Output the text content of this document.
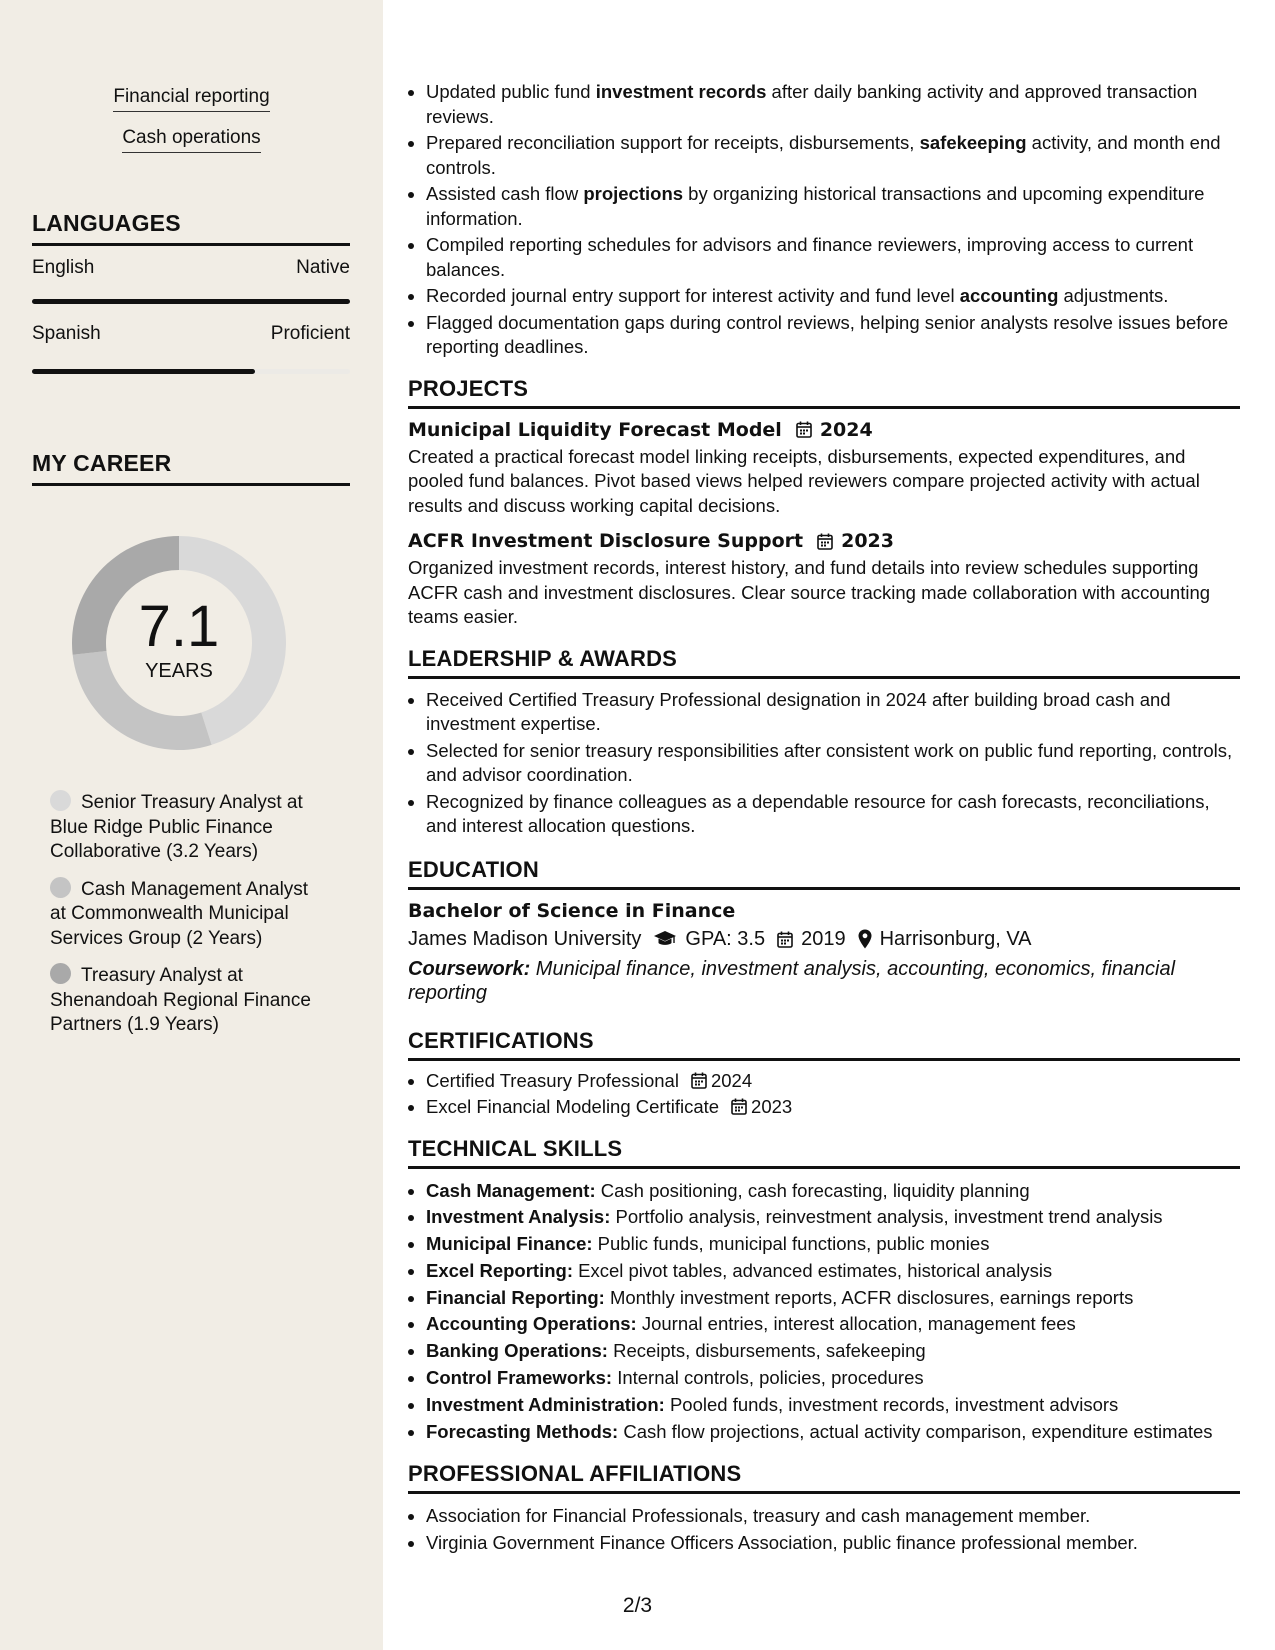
Financial reporting
Cash operations
LANGUAGES
English	Native
Spanish	Proficient
MY CAREER
7.1
YEARS
Senior Treasury Analyst at Blue Ridge Public Finance Collaborative (3.2 Years)
Cash Management Analyst at Commonwealth Municipal Services Group (2 Years)
Treasury Analyst at Shenandoah Regional Finance Partners (1.9 Years)
• Updated public fund investment records after daily banking activity and approved transaction reviews.
• Prepared reconciliation support for receipts, disbursements, safekeeping activity, and month end controls.
• Assisted cash flow projections by organizing historical transactions and upcoming expenditure information.
• Compiled reporting schedules for advisors and finance reviewers, improving access to current balances.
• Recorded journal entry support for interest activity and fund level accounting adjustments.
• Flagged documentation gaps during control reviews, helping senior analysts resolve issues before reporting deadlines.
PROJECTS
Municipal Liquidity Forecast Model 2024
Created a practical forecast model linking receipts, disbursements, expected expenditures, and pooled fund balances. Pivot based views helped reviewers compare projected activity with actual results and discuss working capital decisions.
ACFR Investment Disclosure Support 2023
Organized investment records, interest history, and fund details into review schedules supporting ACFR cash and investment disclosures. Clear source tracking made collaboration with accounting teams easier.
LEADERSHIP & AWARDS
• Received Certified Treasury Professional designation in 2024 after building broad cash and investment expertise.
• Selected for senior treasury responsibilities after consistent work on public fund reporting, controls, and advisor coordination.
• Recognized by finance colleagues as a dependable resource for cash forecasts, reconciliations, and interest allocation questions.
EDUCATION
Bachelor of Science in Finance
James Madison University GPA: 3.5 2019 Harrisonburg, VA
Coursework: Municipal finance, investment analysis, accounting, economics, financial reporting
CERTIFICATIONS
• Certified Treasury Professional 2024
• Excel Financial Modeling Certificate 2023
TECHNICAL SKILLS
• Cash Management: Cash positioning, cash forecasting, liquidity planning
• Investment Analysis: Portfolio analysis, reinvestment analysis, investment trend analysis
• Municipal Finance: Public funds, municipal functions, public monies
• Excel Reporting: Excel pivot tables, advanced estimates, historical analysis
• Financial Reporting: Monthly investment reports, ACFR disclosures, earnings reports
• Accounting Operations: Journal entries, interest allocation, management fees
• Banking Operations: Receipts, disbursements, safekeeping
• Control Frameworks: Internal controls, policies, procedures
• Investment Administration: Pooled funds, investment records, investment advisors
• Forecasting Methods: Cash flow projections, actual activity comparison, expenditure estimates
PROFESSIONAL AFFILIATIONS
• Association for Financial Professionals, treasury and cash management member.
• Virginia Government Finance Officers Association, public finance professional member.
2/3
